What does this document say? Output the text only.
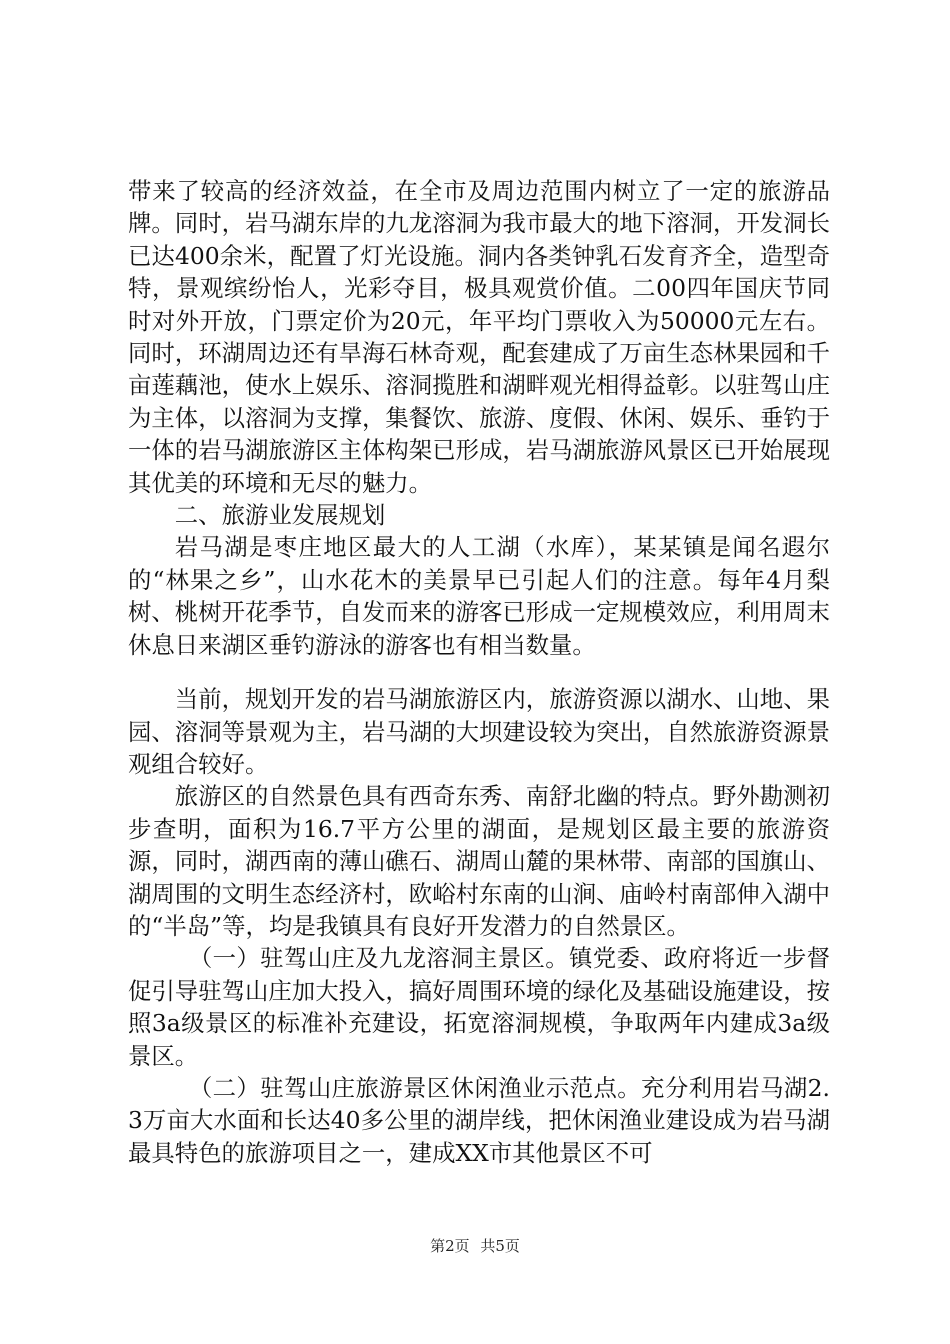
带来了较高的经济效益，在全市及周边范围内树立了一定的旅游品牌。同时，岩马湖东岸的九龙溶洞为我市最大的地下溶洞，开发洞长已达400余米，配置了灯光设施。洞内各类钟乳石发育齐全，造型奇特，景观缤纷怡人，光彩夺目，极具观赏价值。二00四年国庆节同时对外开放，门票定价为20元，年平均门票收入为50000元左右。同时，环湖周边还有旱海石林奇观，配套建成了万亩生态林果园和千亩莲藕池，使水上娱乐、溶洞揽胜和湖畔观光相得益彰。以驻驾山庄为主体，以溶洞为支撑，集餐饮、旅游、度假、休闲、娱乐、垂钓于一体的岩马湖旅游区主体构架已形成，岩马湖旅游风景区已开始展现其优美的环境和无尽的魅力。

二、旅游业发展规划

岩马湖是枣庄地区最大的人工湖（水库），某某镇是闻名遐尔的“林果之乡”，山水花木的美景早已引起人们的注意。每年4月梨树、桃树开花季节，自发而来的游客已形成一定规模效应，利用周末休息日来湖区垂钓游泳的游客也有相当数量。

当前，规划开发的岩马湖旅游区内，旅游资源以湖水、山地、果园、溶洞等景观为主，岩马湖的大坝建设较为突出，自然旅游资源景观组合较好。

旅游区的自然景色具有西奇东秀、南舒北幽的特点。野外勘测初步查明，面积为16.7平方公里的湖面，是规划区最主要的旅游资源，同时，湖西南的薄山礁石、湖周山麓的果林带、南部的国旗山、湖周围的文明生态经济村，欧峪村东南的山涧、庙岭村南部伸入湖中的“半岛”等，均是我镇具有良好开发潜力的自然景区。

（一）驻驾山庄及九龙溶洞主景区。镇党委、政府将近一步督促引导驻驾山庄加大投入，搞好周围环境的绿化及基础设施建设，按照3a级景区的标准补充建设，拓宽溶洞规模，争取两年内建成3a级景区。

（二）驻驾山庄旅游景区休闲渔业示范点。充分利用岩马湖2.3万亩大水面和长达40多公里的湖岸线，把休闲渔业建设成为岩马湖最具特色的旅游项目之一，建成XX市其他景区不可

第2页 共5页
